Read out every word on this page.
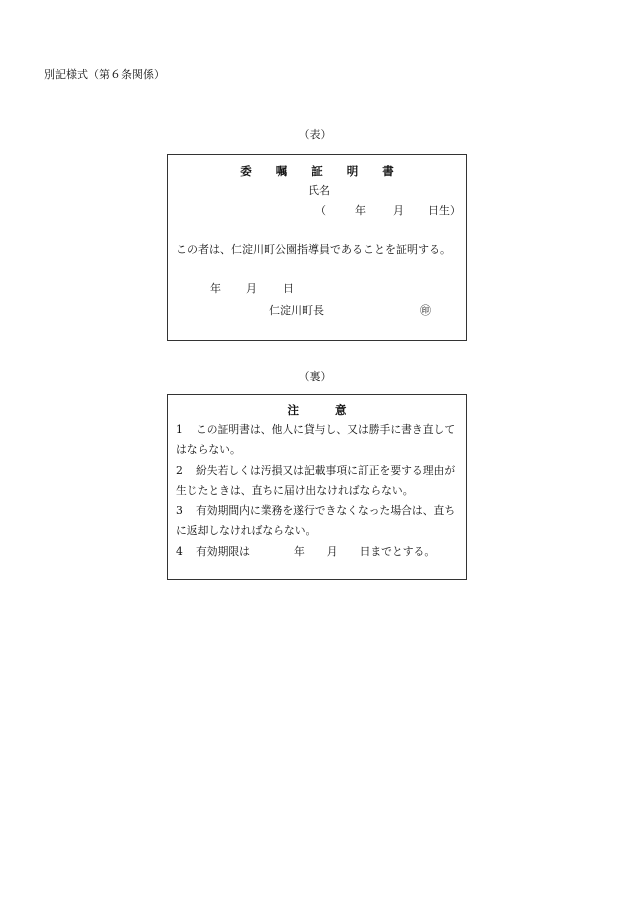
別記様式（第６条関係）
（表）
委 嘱 証 明 書
氏名
（	年 月 日生）
この者は、仁淀川町公園指導員であることを証明する。
年 月 日
仁淀川町長	㊞
（裏）
注	意
1 この証明書は、他人に貸与し、又は勝手に書き直してはならない。
2 紛失若しくは汚損又は記載事項に訂正を要する理由が生じたときは、直ちに届け出なければならない。
3 有効期間内に業務を遂行できなくなった場合は、直ちに返却しなければならない。
4 有効期限は	年 月 日までとする。
